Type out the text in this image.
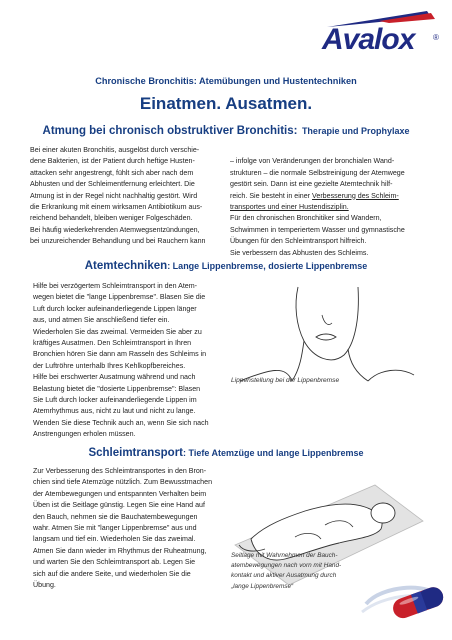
Avalox ®
Chronische Bronchitis: Atemübungen und Hustentechniken
Einatmen. Ausatmen.
Atmung bei chronisch obstruktiver Bronchitis: Therapie und Prophylaxe
Bei einer akuten Bronchitis, ausgelöst durch verschie-
dene Bakterien, ist der Patient durch heftige Husten-
attacken sehr angestrengt, fühlt sich aber nach dem
Abhusten und der Schleimentfernung erleichtert. Die
Atmung ist in der Regel nicht nachhaltig gestört. Wird
die Erkrankung mit einem wirksamen Antibiotikum aus-
reichend behandelt, bleiben weniger Folgeschäden.
Bei häufig wiederkehrenden Atemwegsentzündungen,
bei unzureichender Behandlung und bei Rauchern kann

– infolge von Veränderungen der bronchialen Wand-
strukturen – die normale Selbstreinigung der Atemwege
gestört sein. Dann ist eine gezielte Atemtechnik hilf-
reich. Sie besteht in einer Verbesserung des Schleim-
transportes und einer Hustendisziplin.
Für den chronischen Bronchitiker sind Wandern,
Schwimmen in temperiertem Wasser und gymnastische
Übungen für den Schleimtransport hilfreich.
Sie verbessern das Abhusten des Schleims.
Atemtechniken: Lange Lippenbremse, dosierte Lippenbremse
Hilfe bei verzögertem Schleimtransport in den Atem-
wegen bietet die "lange Lippenbremse". Blasen Sie die
Luft durch locker aufeinanderliegende Lippen länger
aus, und atmen Sie anschließend tiefer ein.
Wiederholen Sie das zweimal. Vermeiden Sie aber zu
kräftiges Ausatmen. Den Schleimtransport in Ihren
Bronchien hören Sie dann am Rasseln des Schleims in
der Luftröhre unterhalb Ihres Kehlkopfbereiches.
Hilfe bei erschwerter Ausatmung während und nach
Belastung bietet die "dosierte Lippenbremse": Blasen
Sie Luft durch locker aufeinanderliegende Lippen im
Atemrhythmus aus, nicht zu laut und nicht zu lange.
Wenden Sie diese Technik auch an, wenn Sie sich nach
Anstrengungen erholen müssen.
Lippenstellung bei der Lippenbremse
Schleimtransport: Tiefe Atemzüge und lange Lippenbremse
Zur Verbesserung des Schleimtransportes in den Bron-
chien sind tiefe Atemzüge nützlich. Zum Bewusstmachen
der Atembewegungen und entspannten Verhalten beim
Üben ist die Seitlage günstig. Legen Sie eine Hand auf
den Bauch, nehmen sie die Bauchatembewegungen
wahr. Atmen Sie mit "langer Lippenbremse" aus und
langsam und tief ein. Wiederholen Sie das zweimal.
Atmen Sie dann wieder im Rhythmus der Ruheatmung,
und warten Sie den Schleimtransport ab. Legen Sie
sich auf die andere Seite, und wiederholen Sie die
Übung.
Seitlage mit Wahrnehmen der Bauch-
atembewegungen nach vorn mit Hand-
kontakt und aktiver Ausatmung durch
„lange Lippenbremse“
